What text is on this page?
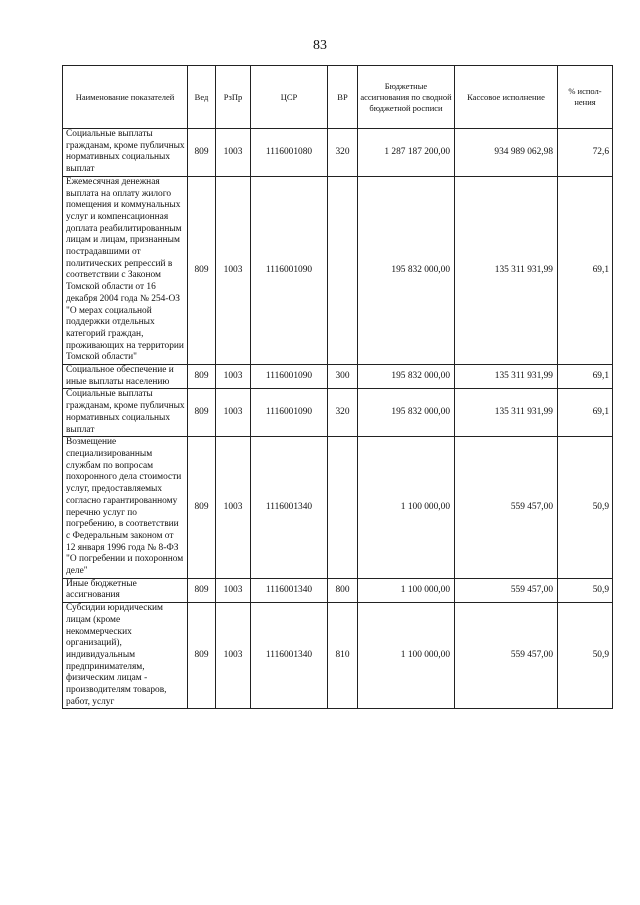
83
Наименование показателей	Вед	РзПр	ЦСР	ВР	Бюджетные ассигнования по сводной бюджетной росписи	Кассовое исполнение	% испол-нения
Социальные выплаты гражданам, кроме публичных нормативных социальных выплат	809	1003	1116001080	320	1 287 187 200,00	934 989 062,98	72,6
Ежемесячная денежная выплата на оплату жилого помещения и коммунальных услуг и компенсационная доплата реабилитированным лицам и лицам, признанным пострадавшими от политических репрессий в соответствии с Законом Томской области от 16 декабря 2004 года № 254-ОЗ "О мерах социальной поддержки отдельных категорий граждан, проживающих на территории Томской области"	809	1003	1116001090		195 832 000,00	135 311 931,99	69,1
Социальное обеспечение и иные выплаты населению	809	1003	1116001090	300	195 832 000,00	135 311 931,99	69,1
Социальные выплаты гражданам, кроме публичных нормативных социальных выплат	809	1003	1116001090	320	195 832 000,00	135 311 931,99	69,1
Возмещение специализированным службам по вопросам похоронного дела стоимости услуг, предоставляемых согласно гарантированному перечню услуг по погребению, в соответствии с Федеральным законом от 12 января 1996 года № 8-ФЗ "О погребении и похоронном деле"	809	1003	1116001340		1 100 000,00	559 457,00	50,9
Иные бюджетные ассигнования	809	1003	1116001340	800	1 100 000,00	559 457,00	50,9
Субсидии юридическим лицам (кроме некоммерческих организаций), индивидуальным предпринимателям, физическим лицам - производителям товаров, работ, услуг	809	1003	1116001340	810	1 100 000,00	559 457,00	50,9
